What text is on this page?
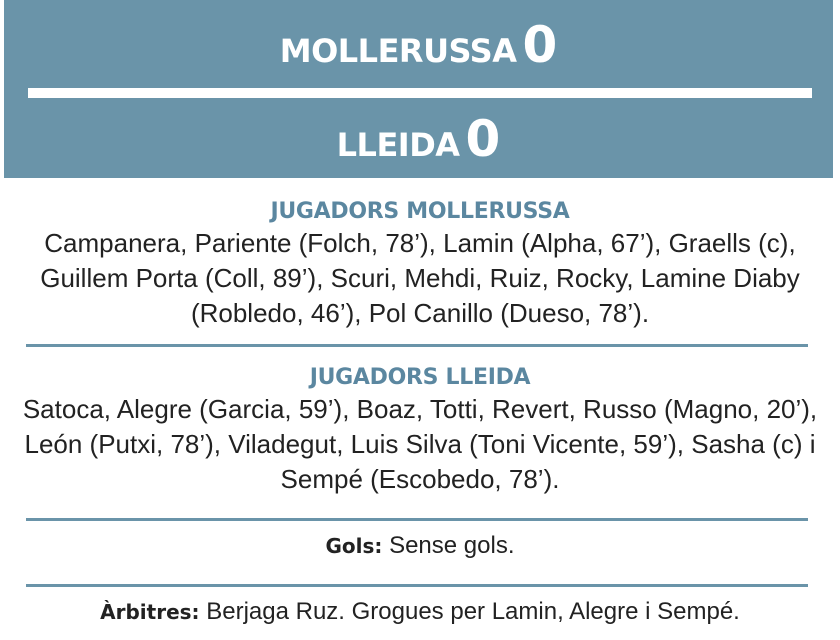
MOLLERUSSA 0
LLEIDA 0
JUGADORS MOLLERUSSA
Campanera, Pariente (Folch, 78’), Lamin (Alpha, 67’), Graells (c), Guillem Porta (Coll, 89’), Scuri, Mehdi, Ruiz, Rocky, Lamine Diaby (Robledo, 46’), Pol Canillo (Dueso, 78’).
JUGADORS LLEIDA
Satoca, Alegre (Garcia, 59’), Boaz, Totti, Revert, Russo (Magno, 20’), León (Putxi, 78’), Viladegut, Luis Silva (Toni Vicente, 59’), Sasha (c) i Sempé (Escobedo, 78’).
Gols: Sense gols.
Àrbitres: Berjaga Ruz. Grogues per Lamin, Alegre i Sempé.
